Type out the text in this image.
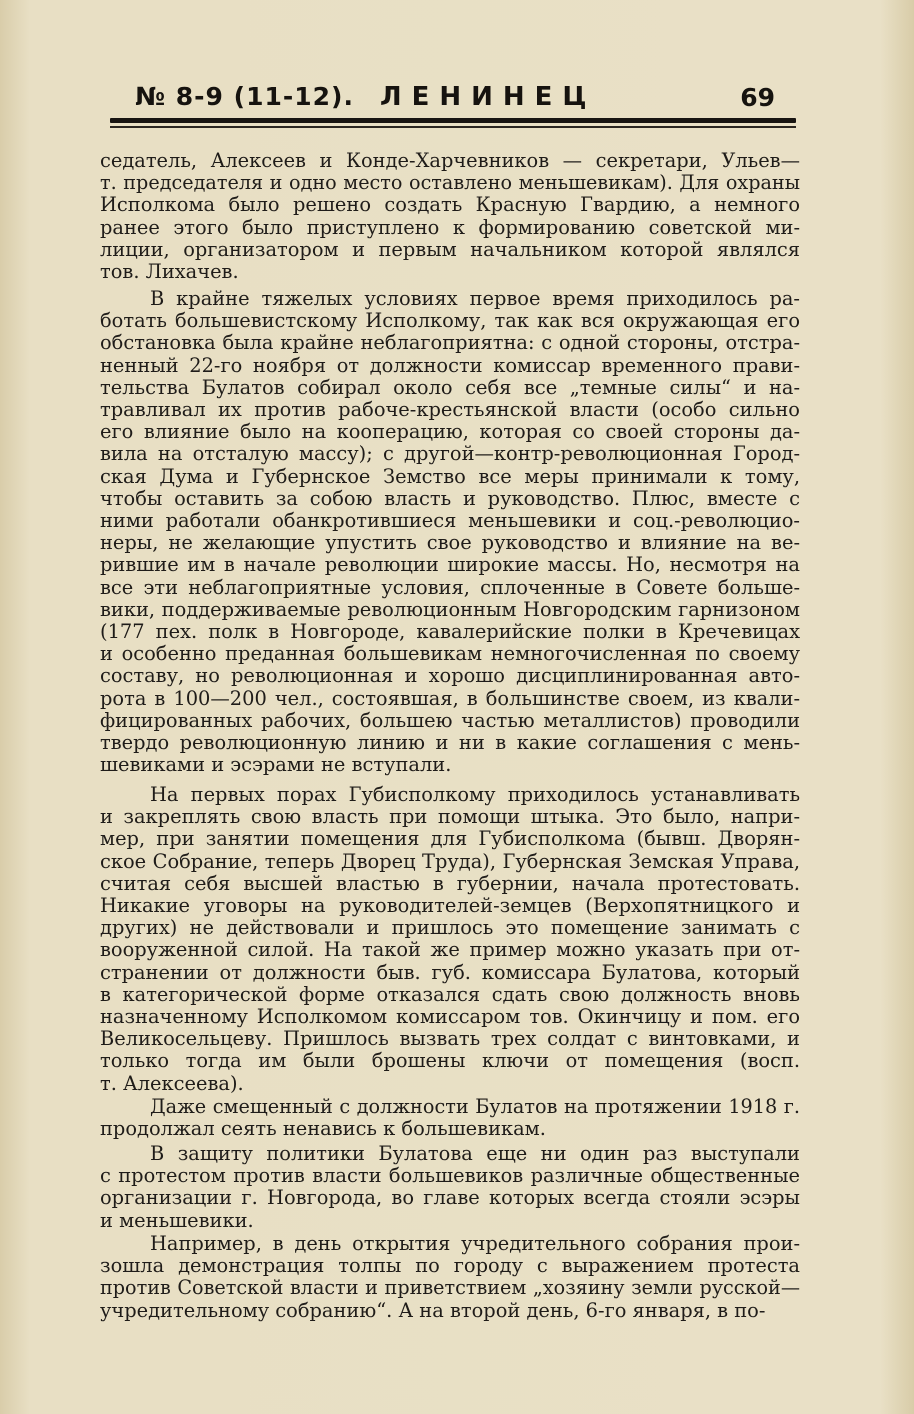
№ 8-9 (11-12). ЛЕНИНЕЦ	69
седатель, Алексеев и Конде-Харчевников — секретари, Ульев—
т. председателя и одно место оставлено меньшевикам). Для охраны
Исполкома было решено создать Красную Гвардию, а немного
ранее этого было приступлено к формированию советской ми-
лиции, организатором и первым начальником которой являлся
тов. Лихачев.
В крайне тяжелых условиях первое время приходилось ра-
ботать большевистскому Исполкому, так как вся окружающая его
обстановка была крайне неблагоприятна: с одной стороны, отстра-
ненный 22-го ноября от должности комиссар временного прави-
тельства Булатов собирал около себя все „темные силы“ и на-
травливал их против рабоче-крестьянской власти (особо сильно
его влияние было на кооперацию, которая со своей стороны да-
вила на отсталую массу); с другой—контр-революционная Город-
ская Дума и Губернское Земство все меры принимали к тому,
чтобы оставить за собою власть и руководство. Плюс, вместе с
ними работали обанкротившиеся меньшевики и соц.-революцио-
неры, не желающие упустить свое руководство и влияние на ве-
рившие им в начале революции широкие массы. Но, несмотря на
все эти неблагоприятные условия, сплоченные в Совете больше-
вики, поддерживаемые революционным Новгородским гарнизоном
(177 пех. полк в Новгороде, кавалерийские полки в Кречевицах
и особенно преданная большевикам немногочисленная по своему
составу, но революционная и хорошо дисциплинированная авто-
рота в 100—200 чел., состоявшая, в большинстве своем, из квали-
фицированных рабочих, большею частью металлистов) проводили
твердо революционную линию и ни в какие соглашения с мень-
шевиками и эсэрами не вступали.
На первых порах Губисполкому приходилось устанавливать
и закреплять свою власть при помощи штыка. Это было, напри-
мер, при занятии помещения для Губисполкома (бывш. Дворян-
ское Собрание, теперь Дворец Труда), Губернская Земская Управа,
считая себя высшей властью в губернии, начала протестовать.
Никакие уговоры на руководителей-земцев (Верхопятницкого и
других) не действовали и пришлось это помещение занимать с
вооруженной силой. На такой же пример можно указать при от-
странении от должности быв. губ. комиссара Булатова, который
в категорической форме отказался сдать свою должность вновь
назначенному Исполкомом комиссаром тов. Окинчицу и пом. его
Великосельцеву. Пришлось вызвать трех солдат с винтовками, и
только тогда им были брошены ключи от помещения (восп.
т. Алексеева).
Даже смещенный с должности Булатов на протяжении 1918 г.
продолжал сеять ненавись к большевикам.
В защиту политики Булатова еще ни один раз выступали
с протестом против власти большевиков различные общественные
организации г. Новгорода, во главе которых всегда стояли эсэры
и меньшевики.
Например, в день открытия учредительного собрания прои-
зошла демонстрация толпы по городу с выражением протеста
против Советской власти и приветствием „хозяину земли русской—
учредительному собранию“. А на второй день, 6-го января, в по-
